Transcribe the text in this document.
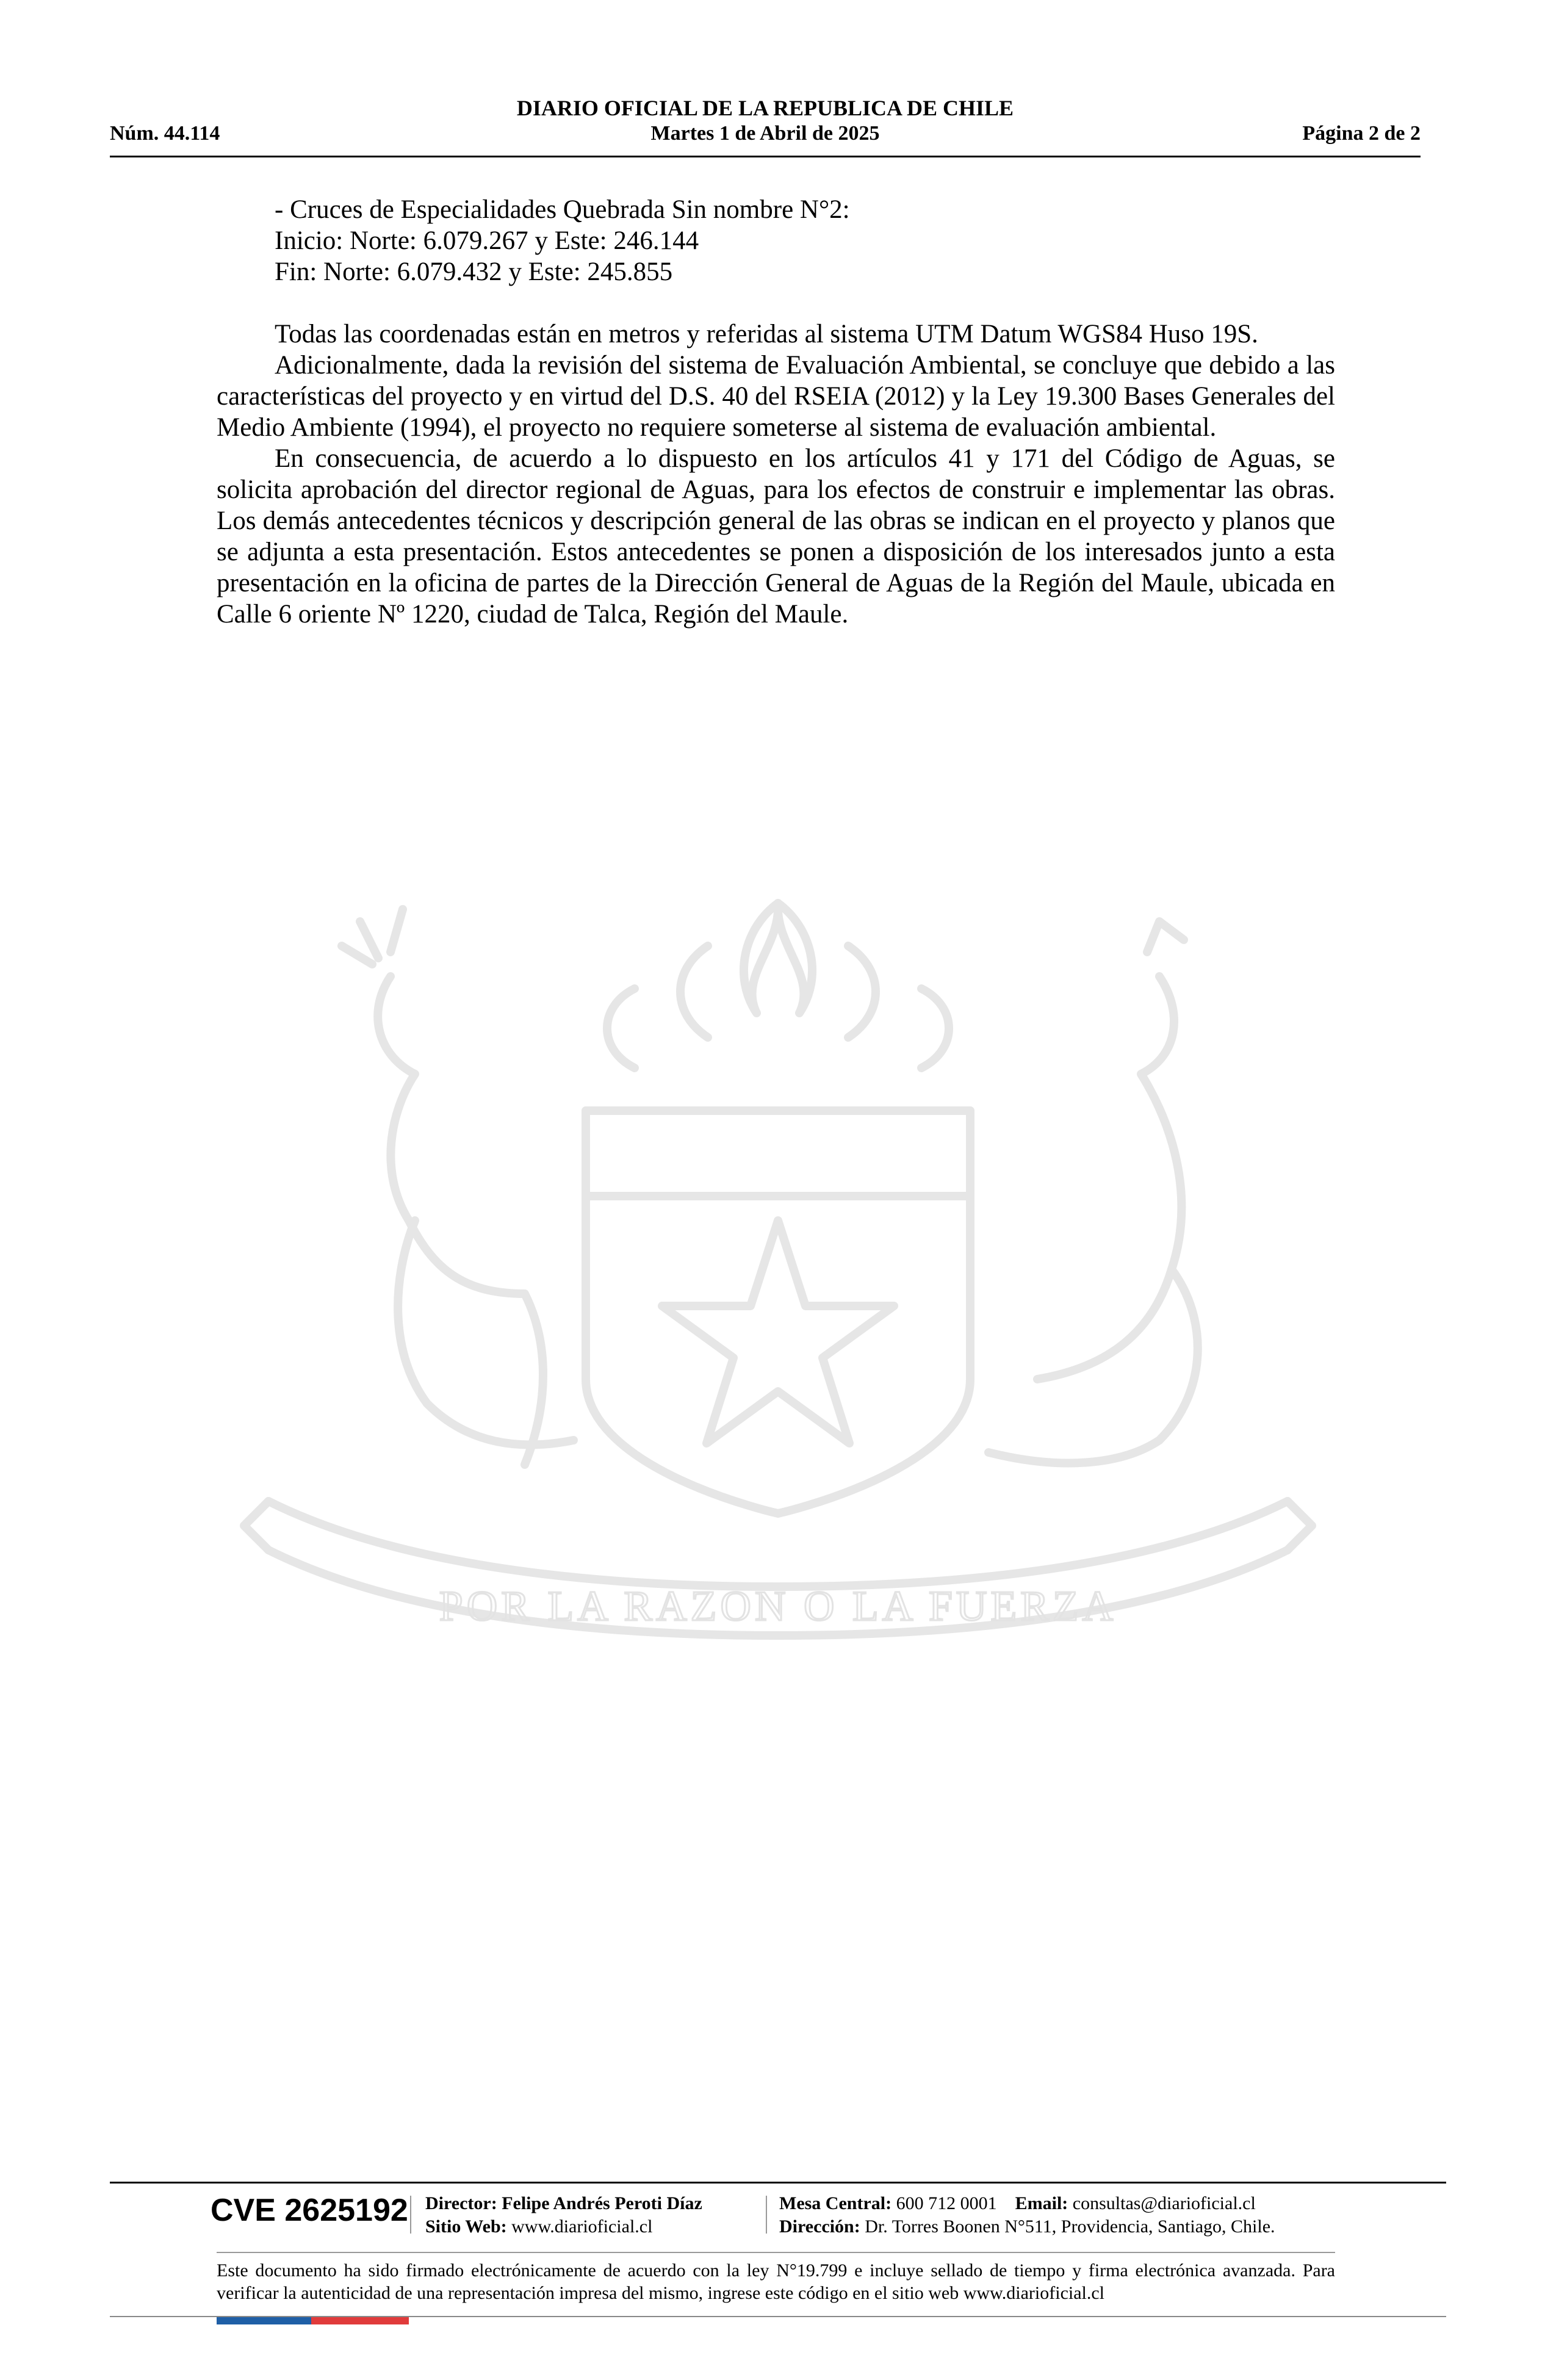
DIARIO OFICIAL DE LA REPUBLICA DE CHILE
Núm. 44.114	Martes 1 de Abril de 2025	Página 2 de 2
POR LA RAZON O LA FUERZA

- Cruces de Especialidades Quebrada Sin nombre N°2:

Inicio: Norte: 6.079.267 y Este: 246.144

Fin: Norte: 6.079.432 y Este: 245.855

Todas las coordenadas están en metros y referidas al sistema UTM Datum WGS84 Huso 19S.

Adicionalmente, dada la revisión del sistema de Evaluación Ambiental, se concluye que debido a las características del proyecto y en virtud del D.S. 40 del RSEIA (2012) y la Ley 19.300 Bases Generales del Medio Ambiente (1994), el proyecto no requiere someterse al sistema de evaluación ambiental.

En consecuencia, de acuerdo a lo dispuesto en los artículos 41 y 171 del Código de Aguas, se solicita aprobación del director regional de Aguas, para los efectos de construir e implementar las obras. Los demás antecedentes técnicos y descripción general de las obras se indican en el proyecto y planos que se adjunta a esta presentación. Estos antecedentes se ponen a disposición de los interesados junto a esta presentación en la oficina de partes de la Dirección General de Aguas de la Región del Maule, ubicada en Calle 6 oriente Nº 1220, ciudad de Talca, Región del Maule.

CVE 2625192 Director: Felipe Andrés Peroti Díaz
Sitio Web: www.diarioficial.cl
Mesa Central: 600 712 0001 Email: consultas@diarioficial.cl
Dirección: Dr. Torres Boonen N°511, Providencia, Santiago, Chile.
Este documento ha sido firmado electrónicamente de acuerdo con la ley N°19.799 e incluye sellado de tiempo y firma electrónica avanzada. Para verificar la autenticidad de una representación impresa del mismo, ingrese este código en el sitio web www.diarioficial.cl
